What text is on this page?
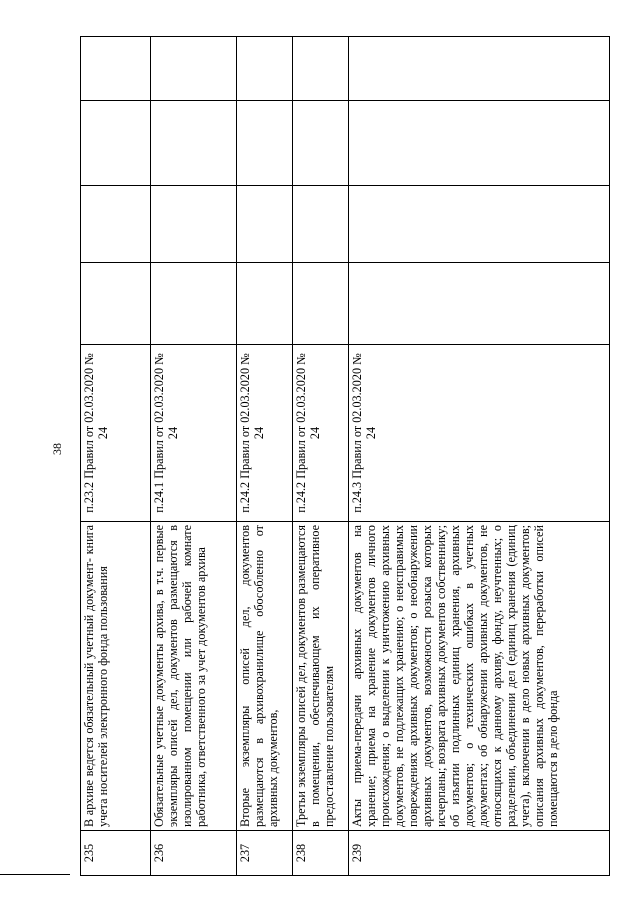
38
235	В архиве ведется обязательный учетный документ- книга учета носителей электронного фонда пользования	п.23.2 Правил от 02.03.2020 № 24				
236	Обязательные учетные документы архива, в т.ч. первые экземпляры описей дел, документов размещаются в изолированном помещении или рабочей комнате работника, ответственного за учет документов архива	п.24.1 Правил от 02.03.2020 № 24				
237	Вторые экземпляры описей дел, документов размещаются в архивохранилище обособленно от архивных документов,	п.24.2 Правил от 02.03.2020 № 24				
238	Третьи экземпляры описей дел, документов размещаются в помещении, обеспечивающем их оперативное предоставление пользователям	п.24.2 Правил от 02.03.2020 № 24				
239	Акты приема-передачи архивных документов на хранение; приема на хранение документов личного происхождения; о выделении к уничтожению архивных документов, не подлежащих хранению; о неисправимых повреждениях архивных документов; о необнаружении архивных документов, возможности розыска которых исчерпаны; возврата архивных документов собственнику; об изъятии подлинных единиц хранения, архивных документов; о технических ошибках в учетных документах; об обнаружении архивных документов, не относящихся к данному архиву, фонду, неучтенных; о разделении, объединении дел (единиц хранения (единиц учета), включении в дело новых архивных документов; описания архивных документов, переработки описей помещаются в дело фонда	п.24.3 Правил от 02.03.2020 № 24				
